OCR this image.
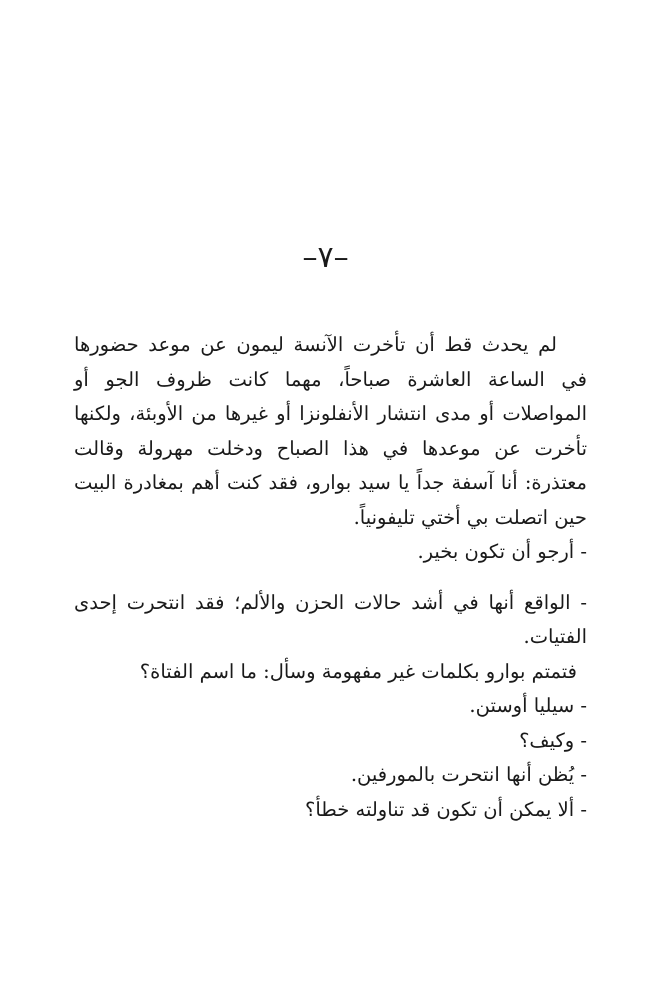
–٧–

لم يحدث قط أن تأخرت الآنسة ليمون عن موعد حضورها في الساعة العاشرة صباحاً، مهما كانت ظروف الجو أو المواصلات أو مدى انتشار الأنفلونزا أو غيرها من الأوبئة، ولكنها تأخرت عن موعدها في هذا الصباح ودخلت مهرولة وقالت معتذرة: أنا آسفة جداً يا سيد بوارو، فقد كنت أهم بمغادرة البيت حين اتصلت بي أختي تليفونياً.

- أرجو أن تكون بخير.

- الواقع أنها في أشد حالات الحزن والألم؛ فقد انتحرت إحدى الفتيات.

فتمتم بوارو بكلمات غير مفهومة وسأل: ما اسم الفتاة؟

- سيليا أوستن.

- وكيف؟

- يُظن أنها انتحرت بالمورفين.

- ألا يمكن أن تكون قد تناولته خطأ؟
